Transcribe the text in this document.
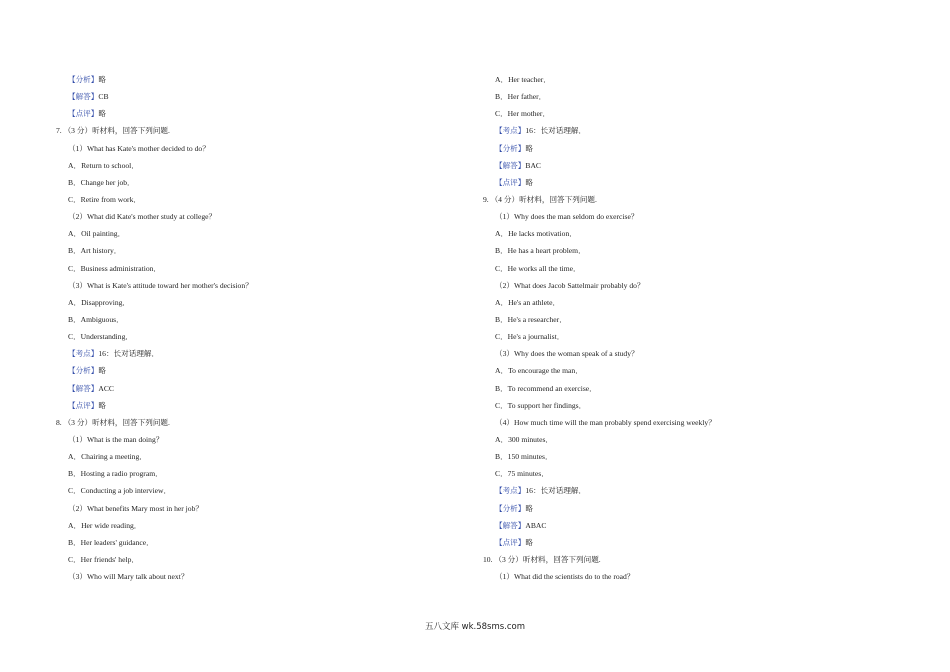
【分析】略
【解答】CB
【点评】略
7. （3 分）听材料，回答下列问题.
（1）What has Kate's mother decided to do？
A．Return to school．
B．Change her job．
C．Retire from work．
（2）What did Kate's mother study at college？
A．Oil painting．
B．Art history．
C．Business administration．
（3）What is Kate's attitude toward her mother's decision？
A．Disapproving．
B．Ambiguous．
C．Understanding．
【考点】16：长对话理解．
【分析】略
【解答】ACC
【点评】略
8. （3 分）听材料，回答下列问题.
（1）What is the man doing？
A．Chairing a meeting．
B．Hosting a radio program．
C．Conducting a job interview．
（2）What benefits Mary most in her job？
A．Her wide reading．
B．Her leaders' guidance．
C．Her friends' help．
（3）Who will Mary talk about next？
A．Her teacher．
B．Her father．
C．Her mother．
【考点】16：长对话理解．
【分析】略
【解答】BAC
【点评】略
9. （4 分）听材料，回答下列问题.
（1）Why does the man seldom do exercise？
A．He lacks motivation．
B．He has a heart problem．
C．He works all the time．
（2）What does Jacob Sattelmair probably do？
A．He's an athlete．
B．He's a researcher．
C．He's a journalist．
（3）Why does the woman speak of a study？
A．To encourage the man．
B．To recommend an exercise．
C．To support her findings．
（4）How much time will the man probably spend exercising weekly？
A．300 minutes．
B．150 minutes．
C．75 minutes．
【考点】16：长对话理解．
【分析】略
【解答】ABAC
【点评】略
10. （3 分）听材料，回答下列问题.
（1）What did the scientists do to the road？
五八文库 wk.58sms.com
